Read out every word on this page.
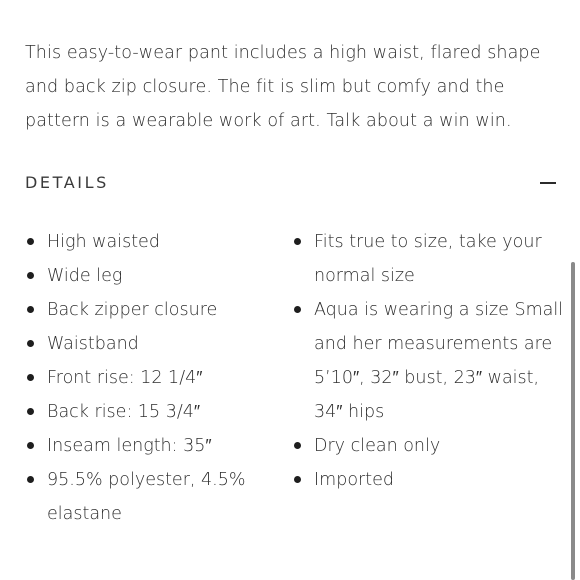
This easy-to-wear pant includes a high waist, flared shape and back zip closure. The fit is slim but comfy and the pattern is a wearable work of art. Talk about a win win.

DETAILS
High waisted
Wide leg
Back zipper closure
Waistband
Front rise: 12 1/4″
Back rise: 15 3/4″
Inseam length: 35″
95.5% polyester, 4.5% elastane
Fits true to size, take your normal size
Aqua is wearing a size Small and her measurements are 5’10″, 32″ bust, 23″ waist, 34″ hips
Dry clean only
Imported
